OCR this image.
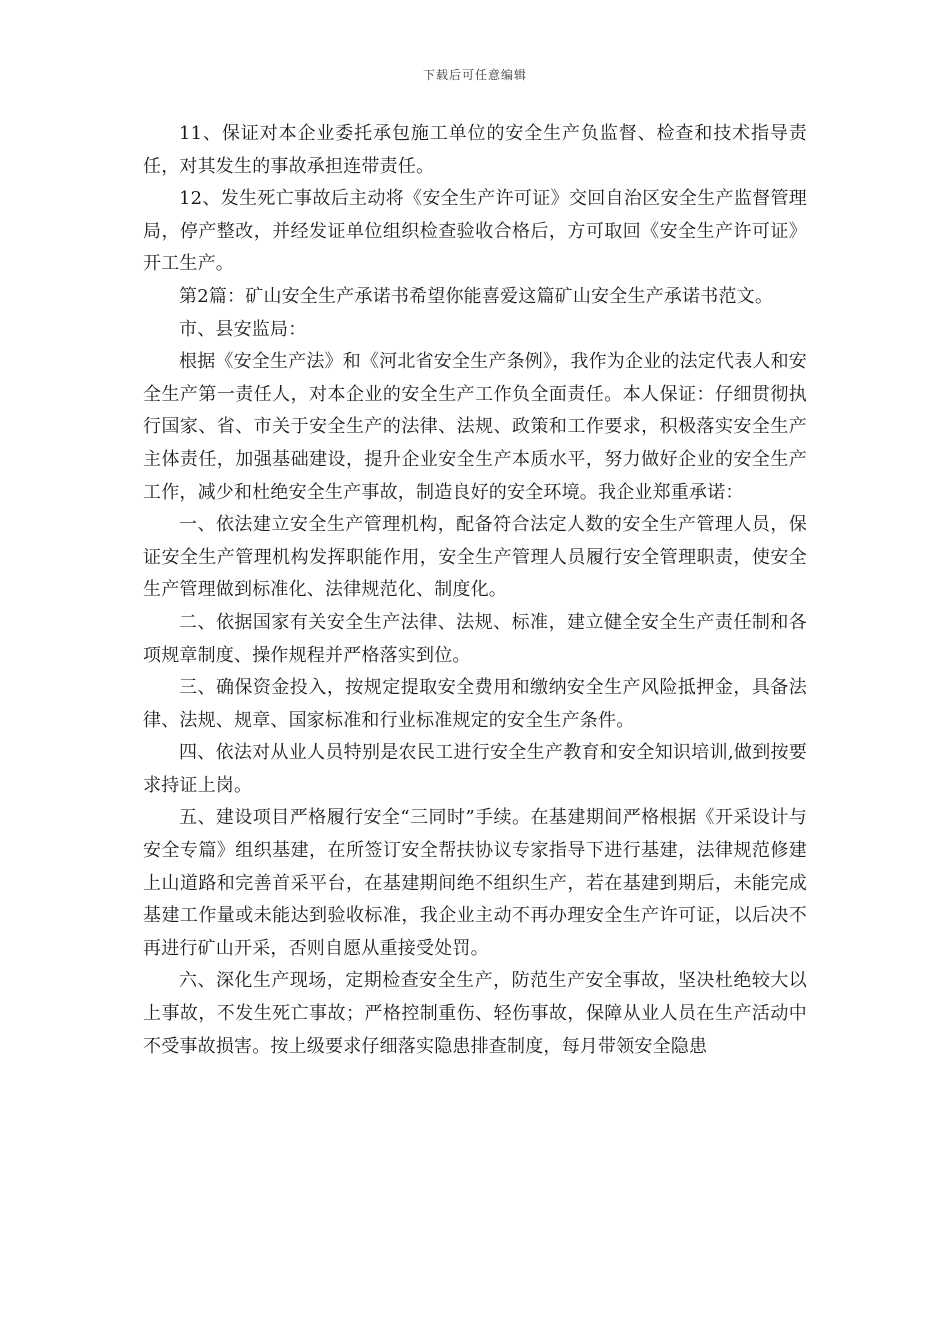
下载后可任意编辑

11、保证对本企业委托承包施工单位的安全生产负监督、检查和技术指导责任，对其发生的事故承担连带责任。

12、发生死亡事故后主动将《安全生产许可证》交回自治区安全生产监督管理局，停产整改，并经发证单位组织检查验收合格后，方可取回《安全生产许可证》开工生产。

第2篇：矿山安全生产承诺书希望你能喜爱这篇矿山安全生产承诺书范文。

市、县安监局：

根据《安全生产法》和《河北省安全生产条例》，我作为企业的法定代表人和安全生产第一责任人，对本企业的安全生产工作负全面责任。本人保证：仔细贯彻执行国家、省、市关于安全生产的法律、法规、政策和工作要求，积极落实安全生产主体责任，加强基础建设，提升企业安全生产本质水平，努力做好企业的安全生产工作，减少和杜绝安全生产事故，制造良好的安全环境。我企业郑重承诺：

一、依法建立安全生产管理机构，配备符合法定人数的安全生产管理人员，保证安全生产管理机构发挥职能作用，安全生产管理人员履行安全管理职责，使安全生产管理做到标准化、法律规范化、制度化。

二、依据国家有关安全生产法律、法规、标准，建立健全安全生产责任制和各项规章制度、操作规程并严格落实到位。

三、确保资金投入，按规定提取安全费用和缴纳安全生产风险抵押金，具备法律、法规、规章、国家标准和行业标准规定的安全生产条件。

四、依法对从业人员特别是农民工进行安全生产教育和安全知识培训,做到按要求持证上岗。

五、建设项目严格履行安全“三同时”手续。在基建期间严格根据《开采设计与安全专篇》组织基建，在所签订安全帮扶协议专家指导下进行基建，法律规范修建上山道路和完善首采平台，在基建期间绝不组织生产，若在基建到期后，未能完成基建工作量或未能达到验收标准，我企业主动不再办理安全生产许可证，以后决不再进行矿山开采，否则自愿从重接受处罚。

六、深化生产现场，定期检查安全生产，防范生产安全事故，坚决杜绝较大以上事故，不发生死亡事故；严格控制重伤、轻伤事故，保障从业人员在生产活动中不受事故损害。按上级要求仔细落实隐患排查制度，每月带领安全隐患
